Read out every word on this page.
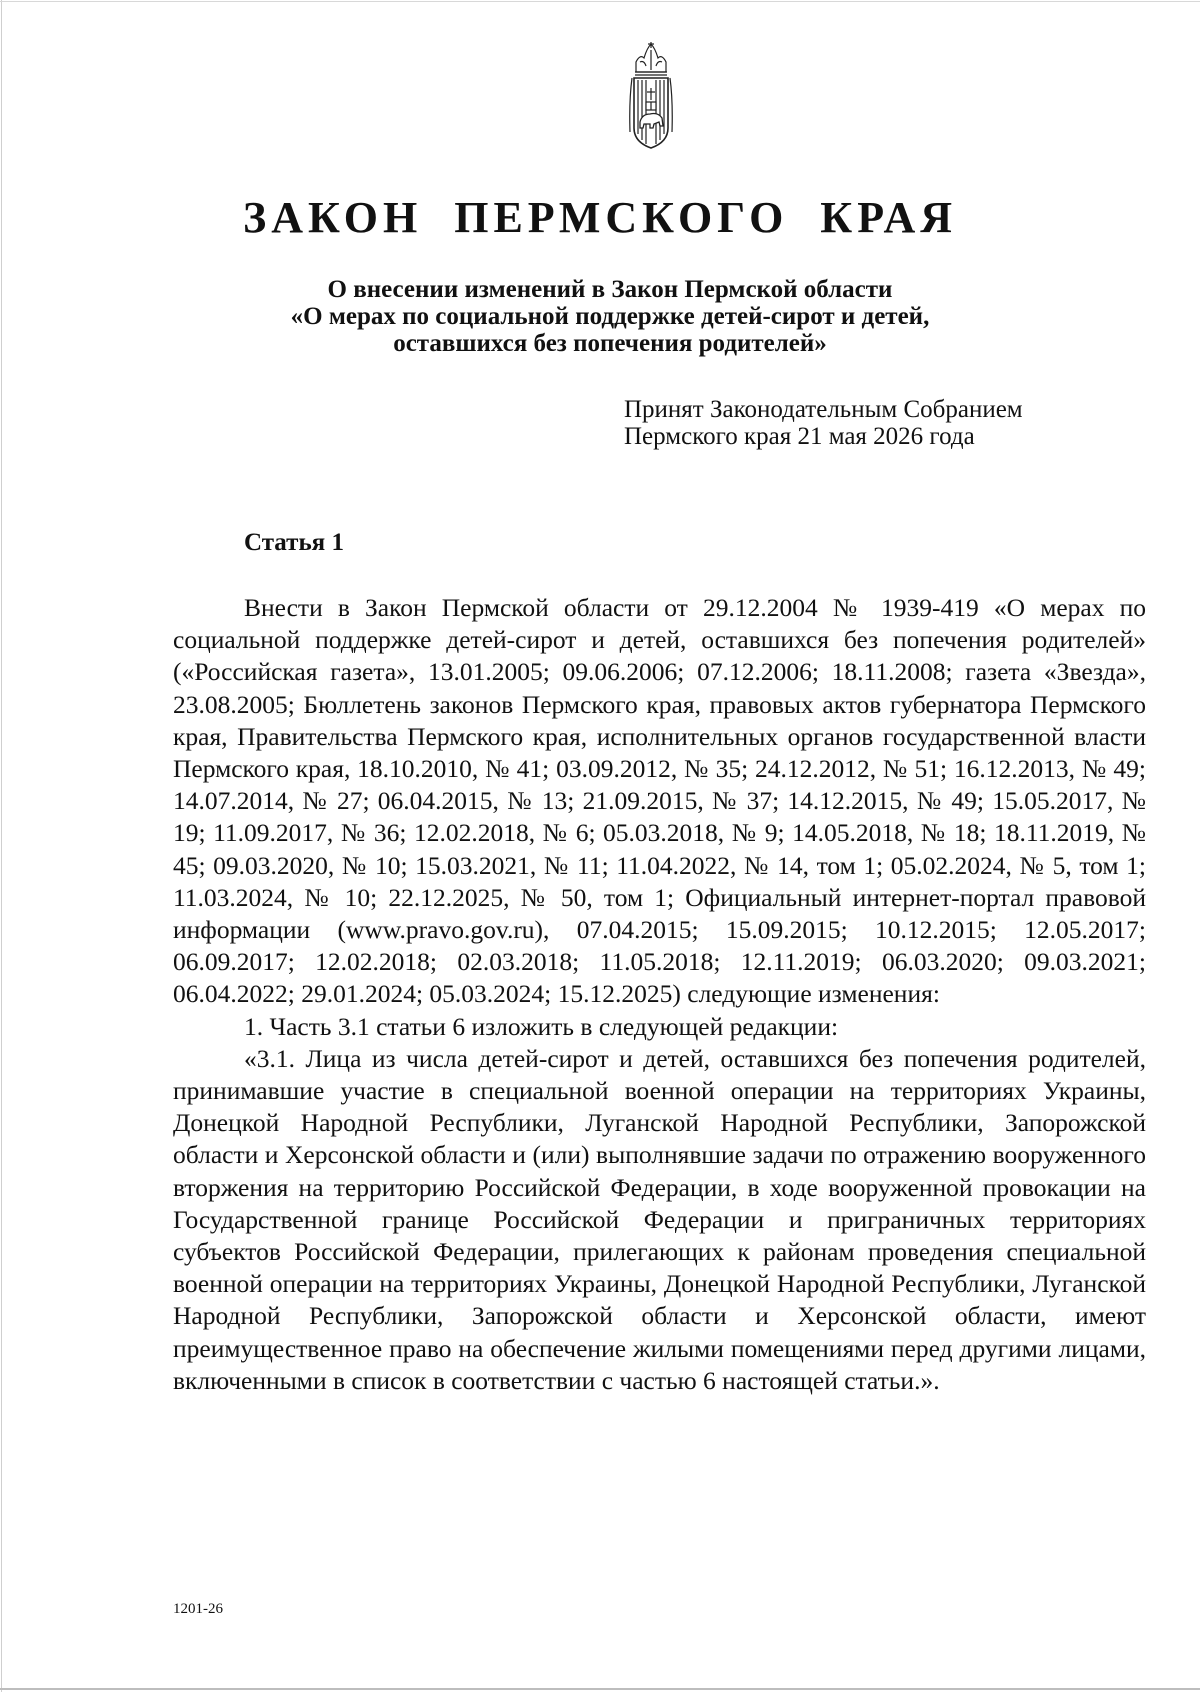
ЗАКОН ПЕРМСКОГО КРАЯ
О внесении изменений в Закон Пермской области
«О мерах по социальной поддержке детей-сирот и детей,
оставшихся без попечения родителей»
Принят Законодательным Собранием
Пермского края 21 мая 2026 года
Статья 1

Внести в Закон Пермской области от 29.12.2004 № 1939-419 «О мерах по социальной поддержке детей-сирот и детей, оставшихся без попечения родителей» («Российская газета», 13.01.2005; 09.06.2006; 07.12.2006; 18.11.2008; газета «Звезда», 23.08.2005; Бюллетень законов Пермского края, правовых актов губернатора Пермского края, Правительства Пермского края, исполнительных органов государственной власти Пермского края, 18.10.2010, № 41; 03.09.2012, № 35; 24.12.2012, № 51; 16.12.2013, № 49; 14.07.2014, № 27; 06.04.2015, № 13; 21.09.2015, № 37; 14.12.2015, № 49; 15.05.2017, № 19; 11.09.2017, № 36; 12.02.2018, № 6; 05.03.2018, № 9; 14.05.2018, № 18; 18.11.2019, № 45; 09.03.2020, № 10; 15.03.2021, № 11; 11.04.2022, № 14, том 1; 05.02.2024, № 5, том 1; 11.03.2024, № 10; 22.12.2025, № 50, том 1; Официальный интернет-портал правовой информации (www.pravo.gov.ru), 07.04.2015; 15.09.2015; 10.12.2015; 12.05.2017; 06.09.2017; 12.02.2018; 02.03.2018; 11.05.2018; 12.11.2019; 06.03.2020; 09.03.2021; 06.04.2022; 29.01.2024; 05.03.2024; 15.12.2025) следующие изменения:

1. Часть 3.1 статьи 6 изложить в следующей редакции:

«3.1. Лица из числа детей-сирот и детей, оставшихся без попечения родителей, принимавшие участие в специальной военной операции на территориях Украины, Донецкой Народной Республики, Луганской Народной Республики, Запорожской области и Херсонской области и (или) выполнявшие задачи по отражению вооруженного вторжения на территорию Российской Федерации, в ходе вооруженной провокации на Государственной границе Российской Федерации и приграничных территориях субъектов Российской Федерации, прилегающих к районам проведения специальной военной операции на территориях Украины, Донецкой Народной Республики, Луганской Народной Республики, Запорожской области и Херсонской области, имеют преимущественное право на обеспечение жилыми помещениями перед другими лицами, включенными в список в соответствии с частью 6 настоящей статьи.».

1201-26
